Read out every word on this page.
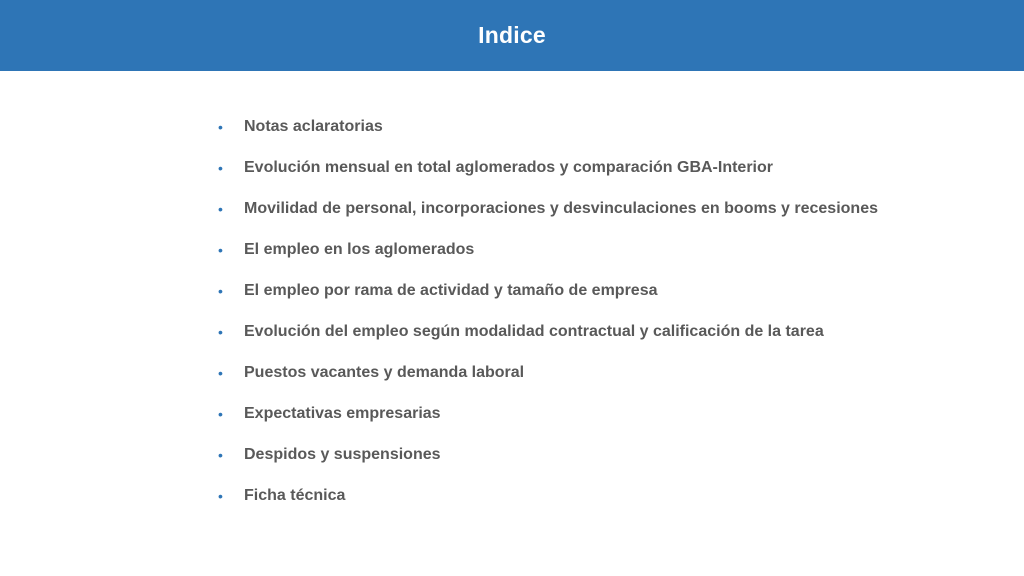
Indice
•	Notas aclaratorias
•	Evolución mensual en total aglomerados y comparación GBA-Interior
•	Movilidad de personal, incorporaciones y desvinculaciones en booms y recesiones
•	El empleo en los aglomerados
•	El empleo por rama de actividad y tamaño de empresa
•	Evolución del empleo según modalidad contractual y calificación de la tarea
•	Puestos vacantes y demanda laboral
•	Expectativas empresarias
•	Despidos y suspensiones
•	Ficha técnica
